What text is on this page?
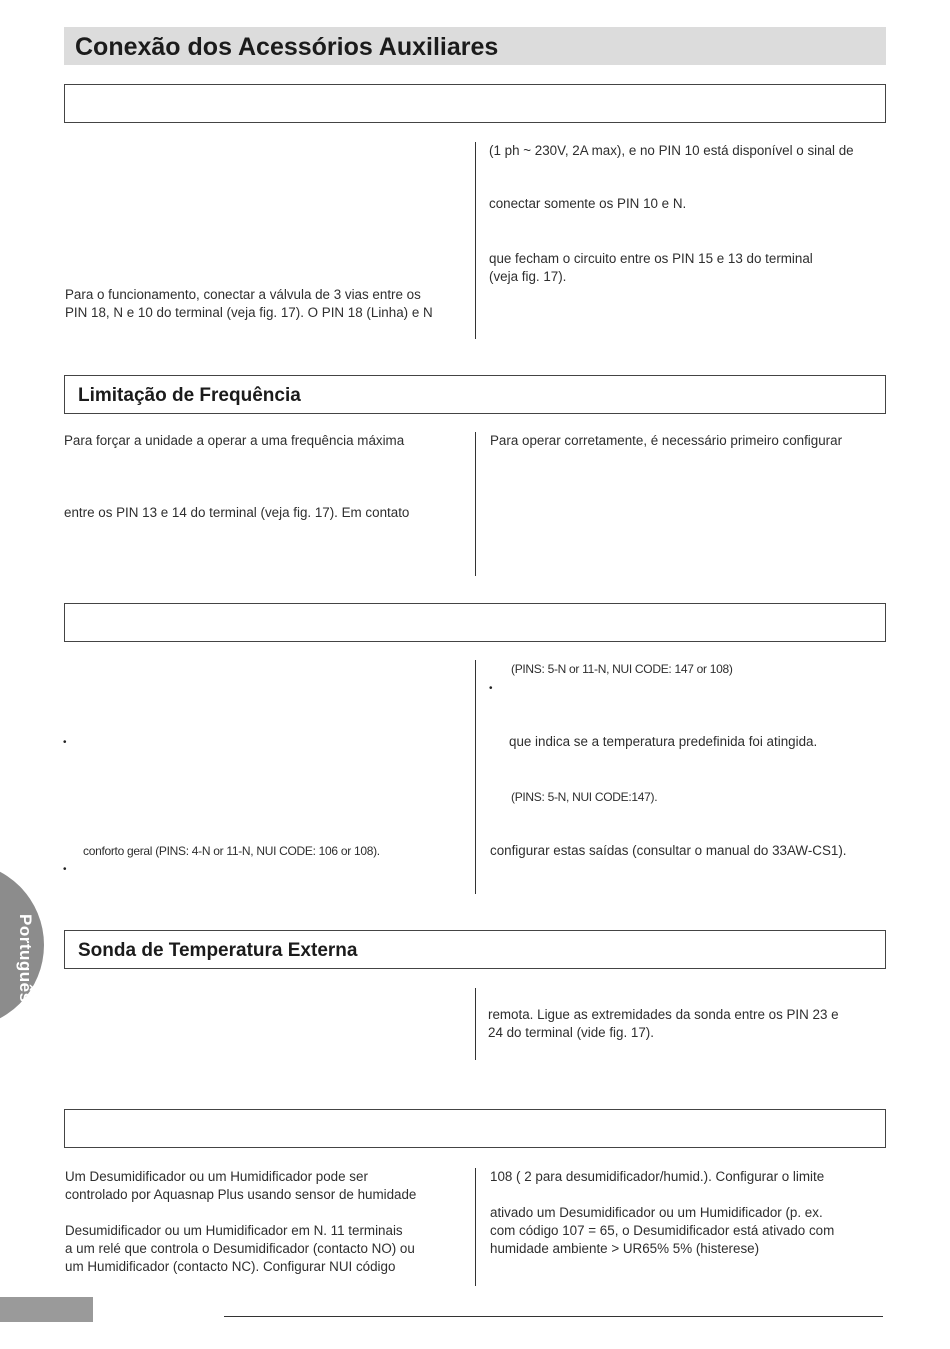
Conexão dos Acessórios Auxiliares
Para o funcionamento, conectar a válvula de 3 vias entre os
PIN 18, N e 10 do terminal (veja fig. 17). O PIN 18 (Linha) e N
(1 ph ~ 230V, 2A max), e no PIN 10 está disponível o sinal de
conectar somente os PIN 10 e N.
que fecham o circuito entre os PIN 15 e 13 do terminal
(veja fig. 17).
Limitação de Frequência
Para forçar a unidade a operar a uma frequência máxima
entre os PIN 13 e 14 do terminal (veja fig. 17). Em contato
Para operar corretamente, é necessário primeiro configurar
•
conforto geral (PINS: 4-N or 11-N, NUI CODE: 106 or 108).
•
(PINS: 5-N or 11-N, NUI CODE: 147 or 108)
•
que indica se a temperatura predefinida foi atingida.
(PINS: 5-N, NUI CODE:147).
configurar estas saídas (consultar o manual do 33AW-CS1).
Sonda de Temperatura Externa
remota. Ligue as extremidades da sonda entre os PIN 23 e
24 do terminal (vide fig. 17).
Um Desumidificador ou um Humidificador pode ser
controlado por Aquasnap Plus usando sensor de humidade
Desumidificador ou um Humidificador em N. 11 terminais
a um relé que controla o Desumidificador (contacto NO) ou
um Humidificador (contacto NC). Configurar NUI código
108 ( 2 para desumidificador/humid.). Configurar o limite
ativado um Desumidificador ou um Humidificador (p. ex.
com código 107 = 65, o Desumidificador está ativado com
humidade ambiente > UR65% 5% (histerese)
Português
